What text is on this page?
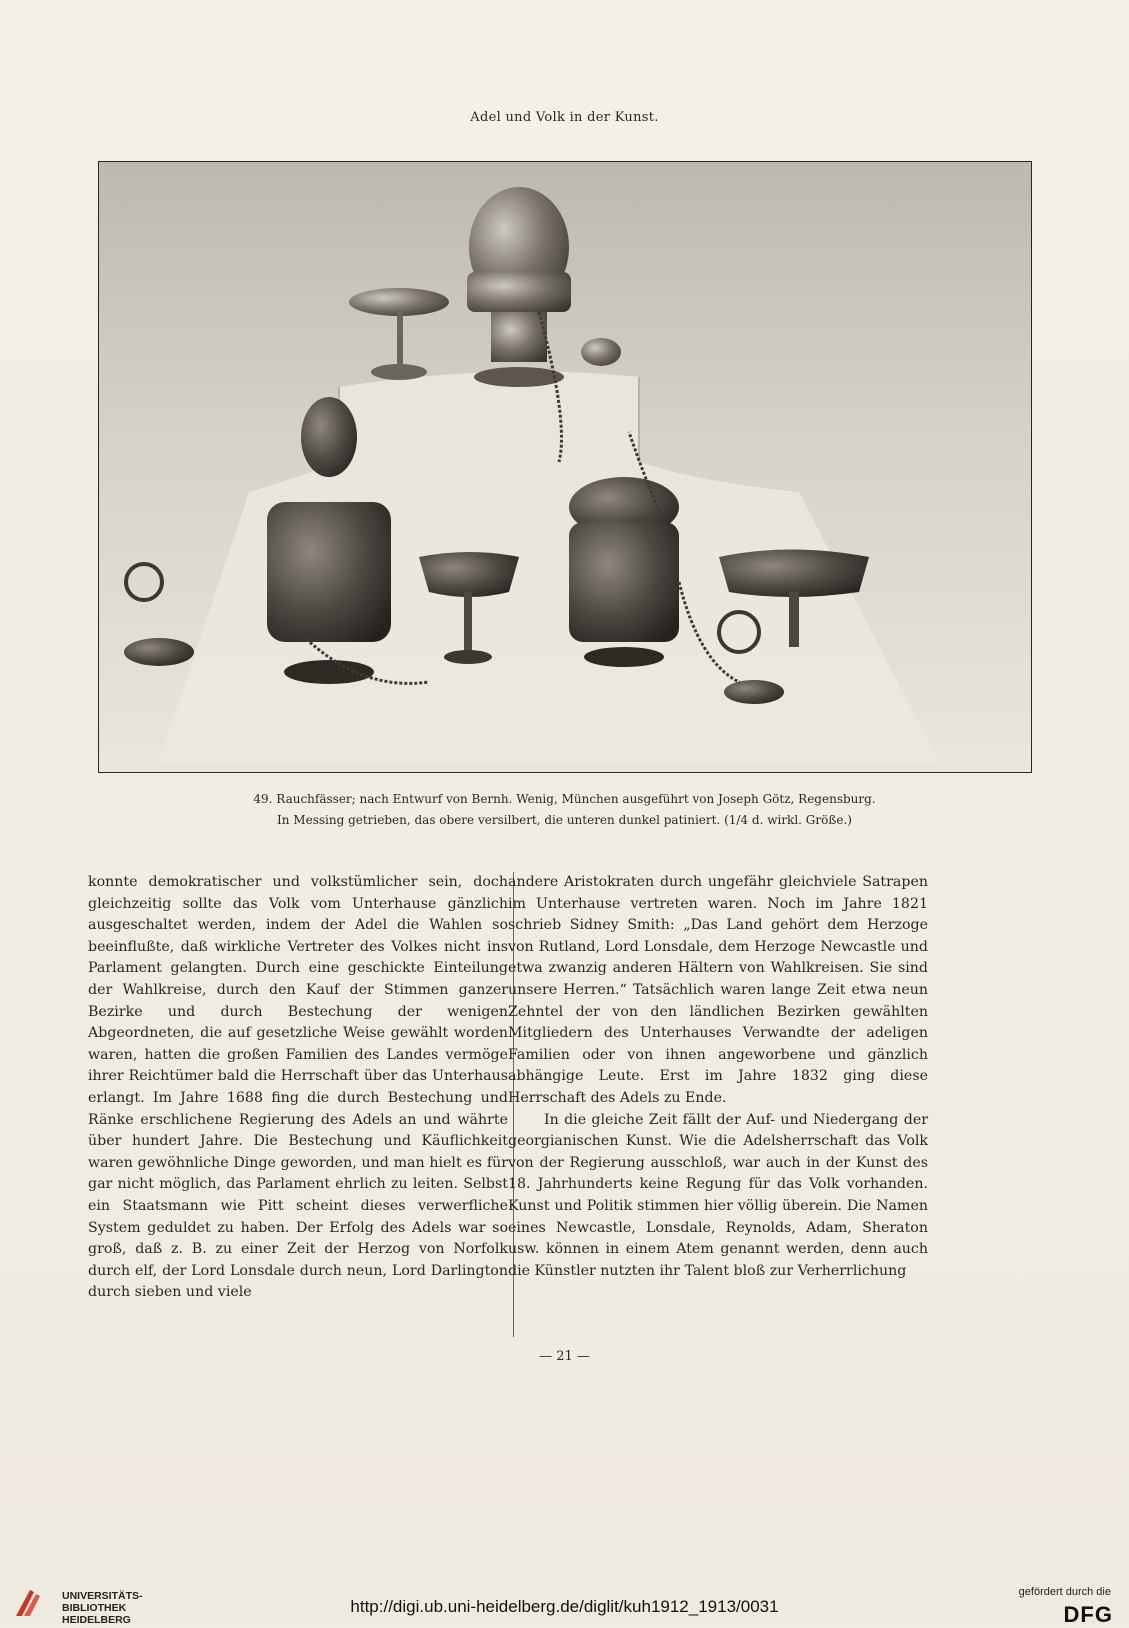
Adel und Volk in der Kunst.
49. Rauchfässer; nach Entwurf von Bernh. Wenig, München ausgeführt von Joseph Götz, Regensburg.
In Messing getrieben, das obere versilbert, die unteren dunkel patiniert. (1/4 d. wirkl. Größe.)

konnte demokratischer und volkstümlicher sein, doch gleichzeitig sollte das Volk vom Unterhause gänzlich ausgeschaltet werden, indem der Adel die Wahlen so beeinflußte, daß wirkliche Vertreter des Volkes nicht ins Parlament gelangten. Durch eine geschickte Einteilung der Wahlkreise, durch den Kauf der Stimmen ganzer Bezirke und durch Bestechung der wenigen Abgeordneten, die auf gesetzliche Weise gewählt worden waren, hatten die großen Familien des Landes vermöge ihrer Reichtümer bald die Herrschaft über das Unterhaus erlangt. Im Jahre 1688 fing die durch Bestechung und Ränke erschlichene Regierung des Adels an und währte über hundert Jahre. Die Bestechung und Käuflichkeit waren gewöhnliche Dinge geworden, und man hielt es für gar nicht möglich, das Parlament ehrlich zu leiten. Selbst ein Staatsmann wie Pitt scheint dieses verwerfliche System geduldet zu haben. Der Erfolg des Adels war so groß, daß z. B. zu einer Zeit der Herzog von Norfolk durch elf, der Lord Lonsdale durch neun, Lord Darlington durch sieben und viele

andere Aristokraten durch ungefähr gleichviele Satrapen im Unterhause vertreten waren. Noch im Jahre 1821 schrieb Sidney Smith: „Das Land gehört dem Herzoge von Rutland, Lord Lonsdale, dem Herzoge Newcastle und etwa zwanzig anderen Hältern von Wahlkreisen. Sie sind unsere Herren.“ Tatsächlich waren lange Zeit etwa neun Zehntel der von den ländlichen Bezirken gewählten Mitgliedern des Unterhauses Verwandte der adeligen Familien oder von ihnen angeworbene und gänzlich abhängige Leute. Erst im Jahre 1832 ging diese Herrschaft des Adels zu Ende.

In die gleiche Zeit fällt der Auf- und Niedergang der georgianischen Kunst. Wie die Adelsherrschaft das Volk von der Regierung ausschloß, war auch in der Kunst des 18. Jahrhunderts keine Regung für das Volk vorhanden. Kunst und Politik stimmen hier völlig überein. Die Namen eines Newcastle, Lonsdale, Reynolds, Adam, Sheraton usw. können in einem Atem genannt werden, denn auch die Künstler nutzten ihr Talent bloß zur Verherrlichung

— 21 —
UNIVERSITÄTS-
BIBLIOTHEK
HEIDELBERG
http://digi.ub.uni-heidelberg.de/diglit/kuh1912_1913/0031
gefördert durch die
DFG
